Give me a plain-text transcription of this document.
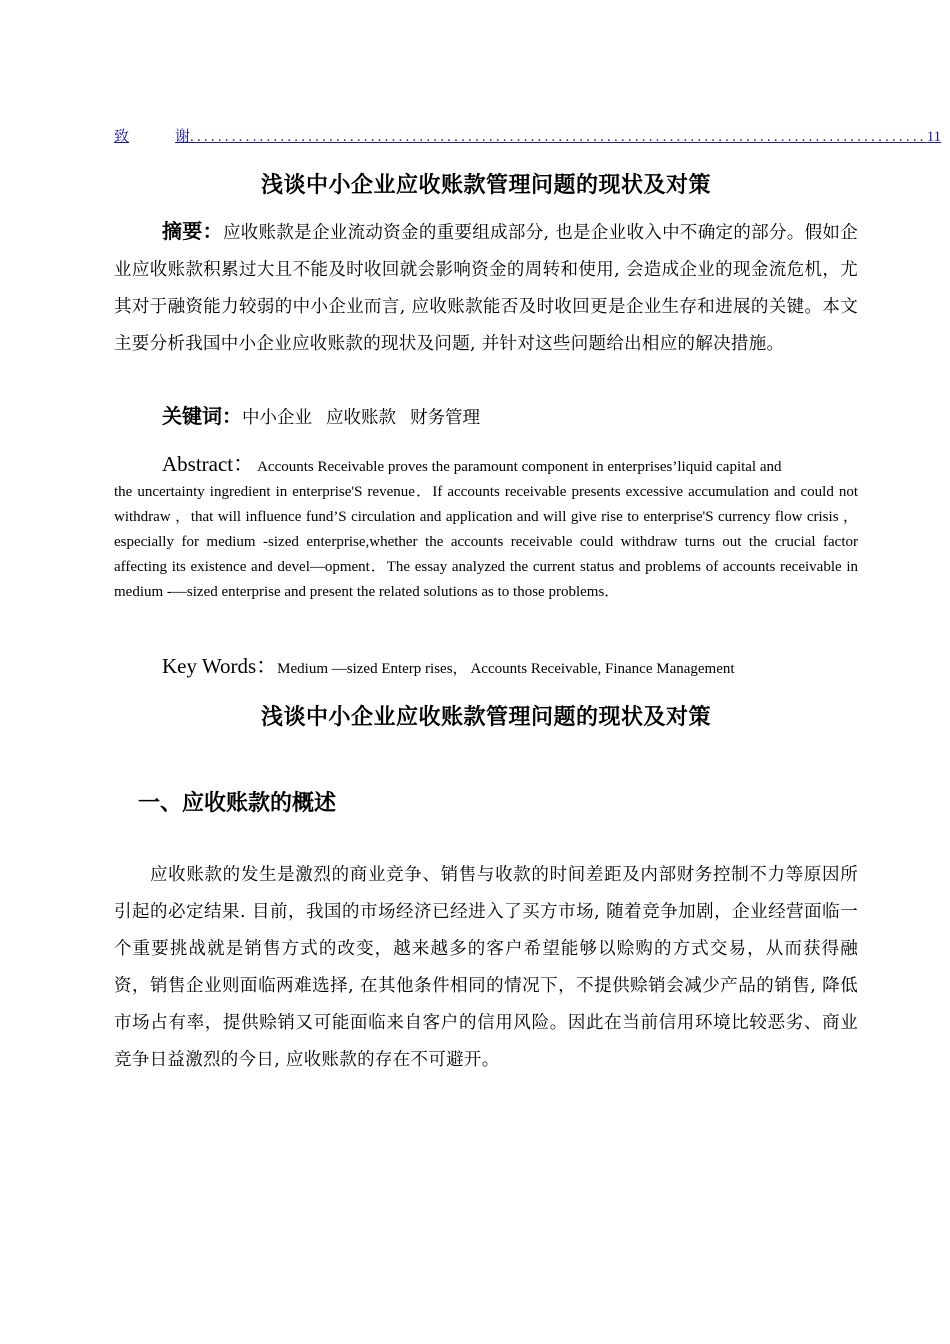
致	谢 .......................................................................................................... 11
浅谈中小企业应收账款管理问题的现状及对策
摘要：应收账款是企业流动资金的重要组成部分, 也是企业收入中不确定的部分。假如企业应收账款积累过大且不能及时收回就会影响资金的周转和使用, 会造成企业的现金流危机，尤其对于融资能力较弱的中小企业而言, 应收账款能否及时收回更是企业生存和进展的关键。本文主要分析我国中小企业应收账款的现状及问题, 并针对这些问题给出相应的解决措施。
关键词：中小企业 应收账款 财务管理
Abstract： Accounts Receivable proves the paramount component in enterprises’liquid capital and
the uncertainty ingredient in enterprise'S revenue．If accounts receivable presents excessive accumulation and could not withdraw ，that will influence fund’S circulation and application and will give rise to enterprise'S currency flow crisis ，especially for medium -sized enterprise,whether the accounts receivable could withdraw turns out the crucial factor affecting its existence and devel—opment．The essay analyzed the current status and problems of accounts receivable in medium -—sized enterprise and present the related solutions as to those problems．
Key Words：Medium —sized Enterp rises， Accounts Receivable, Finance Management
浅谈中小企业应收账款管理问题的现状及对策
一、应收账款的概述
应收账款的发生是激烈的商业竞争、销售与收款的时间差距及内部财务控制不力等原因所引起的必定结果. 目前，我国的市场经济已经进入了买方市场, 随着竞争加剧，企业经营面临一个重要挑战就是销售方式的改变，越来越多的客户希望能够以赊购的方式交易，从而获得融资，销售企业则面临两难选择, 在其他条件相同的情况下，不提供赊销会减少产品的销售, 降低市场占有率，提供赊销又可能面临来自客户的信用风险。因此在当前信用环境比较恶劣、商业竞争日益激烈的今日, 应收账款的存在不可避开。
